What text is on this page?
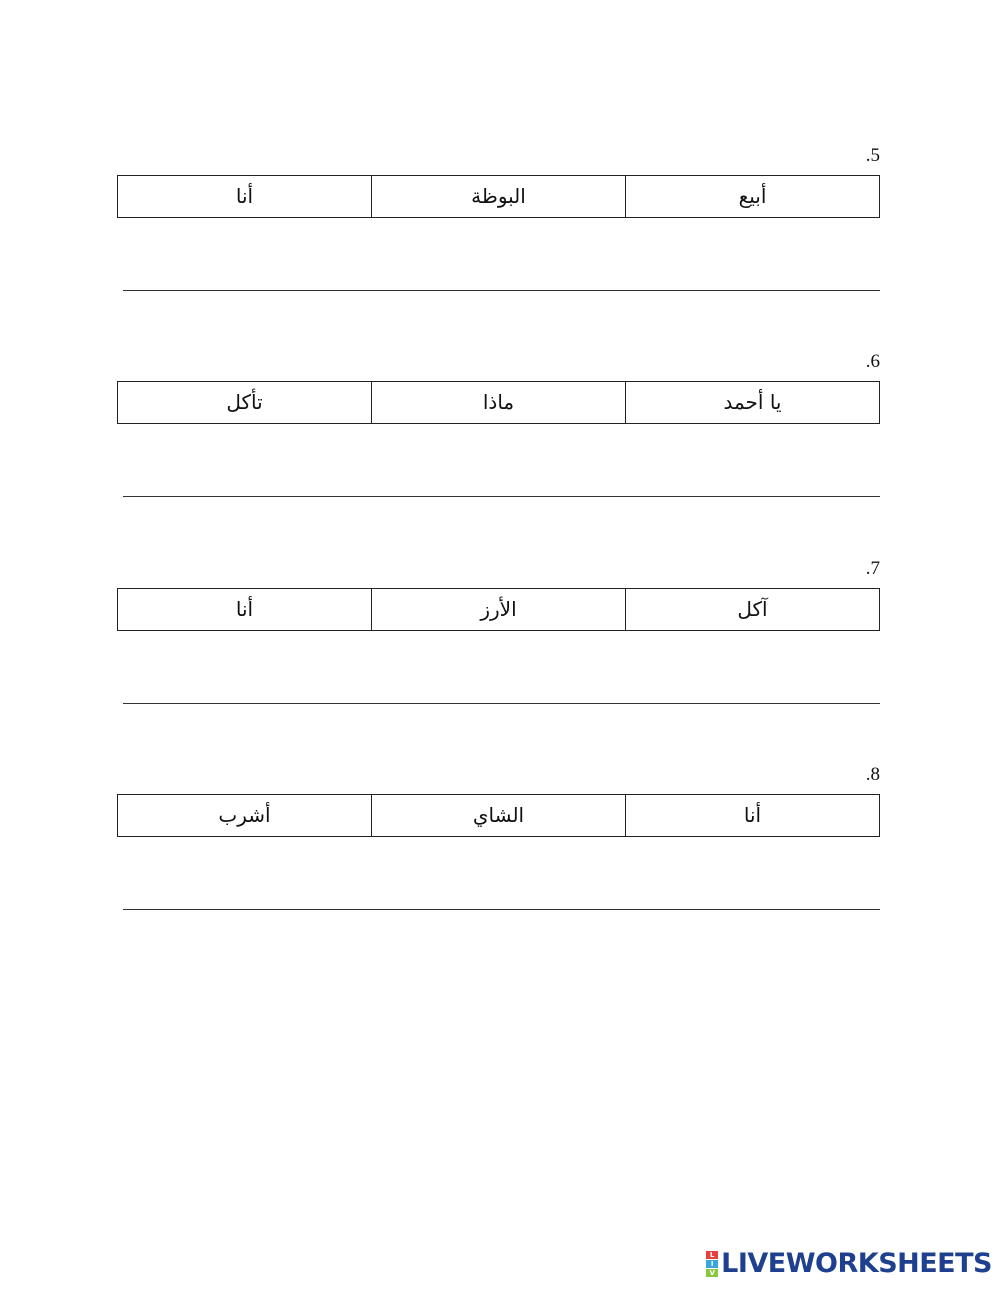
.5
أبيع
البوظة
أنا
.6
يا أحمد
ماذا
تأكل
.7
آكل
الأرز
أنا
.8
أنا
الشاي
أشرب
L
I
V LIVEWORKSHEETS
